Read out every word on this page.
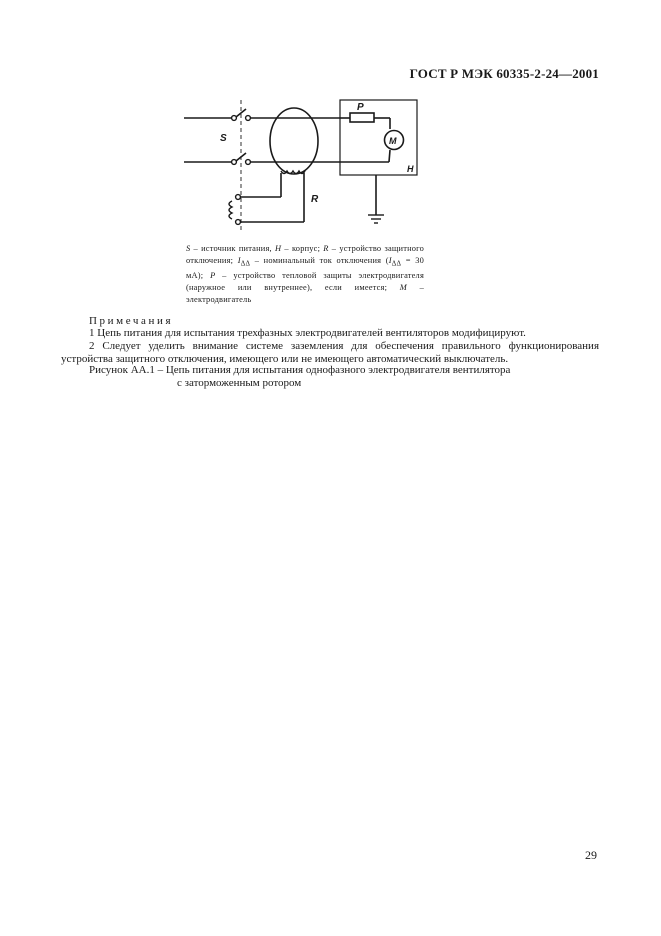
ГОСТ Р МЭК 60335-2-24—2001
S
P
M
H
R
S – источник питания, H – корпус; R – устройство защитного отключения; $I_{\Delta\Delta}$ – номинальный ток отключения ($I_{\Delta\Delta} = 30$ мА); P – устройство тепловой защиты электродвигателя (наружное или внутреннее), если имеется; M – электродвигатель
Примечания
1 Цепь питания для испытания трехфазных электродвигателей вентиляторов модифицируют.
2 Следует уделить внимание системе заземления для обеспечения правильного функционирования устройства защитного отключения, имеющего или не имеющего автоматический выключатель.
Рисунок АА.1 – Цепь питания для испытания однофазного электродвигателя вентилятора
с заторможенным ротором
29
